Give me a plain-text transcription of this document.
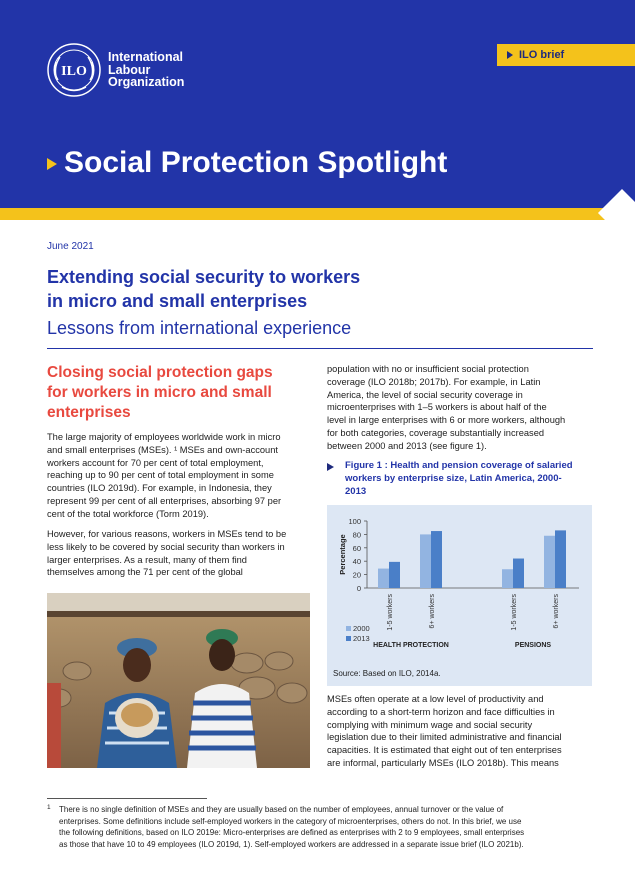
ILO
International
Labour
Organization
ILO brief
Social Protection Spotlight
June 2021
Extending social security to workers
in micro and small enterprises
Lessons from international experience
Closing social protection gaps
for workers in micro and small
enterprises
The large majority of employees worldwide work in micro
and small enterprises (MSEs). ¹ MSEs and own-account
workers account for 70 per cent of total employment,
reaching up to 90 per cent of total employment in some
countries (ILO 2019d). For example, in Indonesia, they
represent 99 per cent of all enterprises, absorbing 97 per
cent of the total workforce (Torm 2019).
However, for various reasons, workers in MSEs tend to be
less likely to be covered by social security than workers in
larger enterprises. As a result, many of them find
themselves among the 71 per cent of the global
population with no or insufficient social protection
coverage (ILO 2018b; 2017b). For example, in Latin
America, the level of social security coverage in
microenterprises with 1–5 workers is about half of the
level in large enterprises with 6 or more workers, although
for both categories, coverage substantially increased
between 2000 and 2013 (see figure 1).
Figure 1 : Health and pension coverage of salaried
workers by enterprise size, Latin America, 2000-
2013
0
20
40
60
80
100
Percentage
1-5 workers	6+ workers	1-5 workers	6+ workers
HEALTH PROTECTION	PENSIONS
2000
2013
Source: Based on ILO, 2014a.
MSEs often operate at a low level of productivity and
according to a short-term horizon and face difficulties in
complying with minimum wage and social security
legislation due to their limited administrative and financial
capacities. It is estimated that eight out of ten enterprises
are informal, particularly MSEs (ILO 2018b). This means
1 There is no single definition of MSEs and they are usually based on the number of employees, annual turnover or the value of
enterprises. Some definitions include self-employed workers in the category of microenterprises, others do not. In this brief, we use
the following definitions, based on ILO 2019e: Micro-enterprises are defined as enterprises with 2 to 9 employees, small enterprises
as those that have 10 to 49 employees (ILO 2019d, 1). Self-employed workers are addressed in a separate issue brief (ILO 2021b).
